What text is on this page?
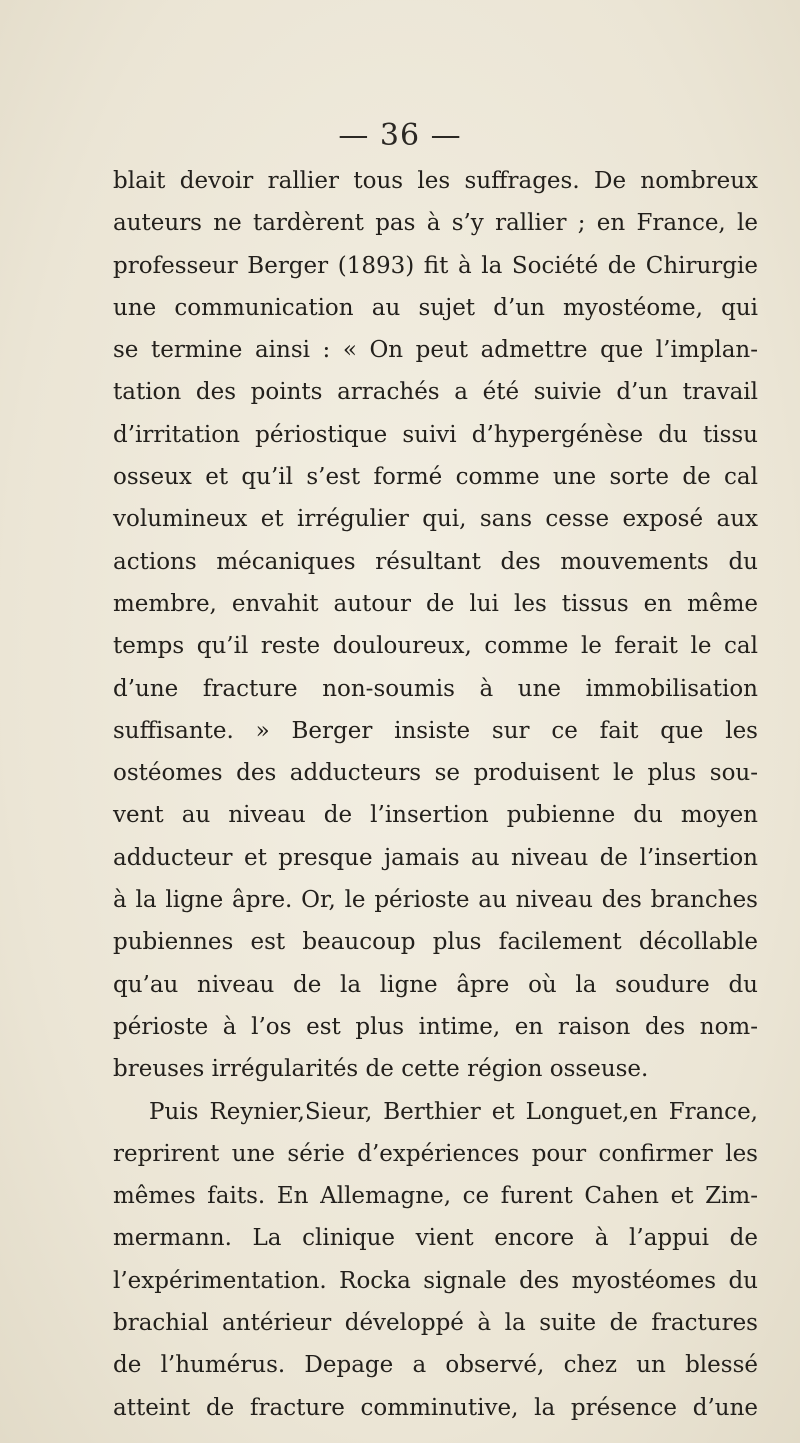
— 36 —
blait devoir rallier tous les suffrages. De nombreux
auteurs ne tardèrent pas à s’y rallier ; en France, le
professeur Berger (1893) fit à la Société de Chirurgie
une communication au sujet d’un myostéome, qui
se termine ainsi : « On peut admettre que l’implan-
tation des points arrachés a été suivie d’un travail
d’irritation périostique suivi d’hypergénèse du tissu
osseux et qu’il s’est formé comme une sorte de cal
volumineux et irrégulier qui, sans cesse exposé aux
actions mécaniques résultant des mouvements du
membre, envahit autour de lui les tissus en même
temps qu’il reste douloureux, comme le ferait le cal
d’une fracture non-soumis à une immobilisation
suffisante. » Berger insiste sur ce fait que les
ostéomes des adducteurs se produisent le plus sou-
vent au niveau de l’insertion pubienne du moyen
adducteur et presque jamais au niveau de l’insertion
à la ligne âpre. Or, le périoste au niveau des branches
pubiennes est beaucoup plus facilement décollable
qu’au niveau de la ligne âpre où la soudure du
périoste à l’os est plus intime, en raison des nom-
breuses irrégularités de cette région osseuse.
Puis Reynier,Sieur, Berthier et Longuet,en France,
reprirent une série d’expériences pour confirmer les
mêmes faits. En Allemagne, ce furent Cahen et Zim-
mermann. La clinique vient encore à l’appui de
l’expérimentation. Rocka signale des myostéomes du
brachial antérieur développé à la suite de fractures
de l’humérus. Depage a observé, chez un blessé
atteint de fracture comminutive, la présence d’une
